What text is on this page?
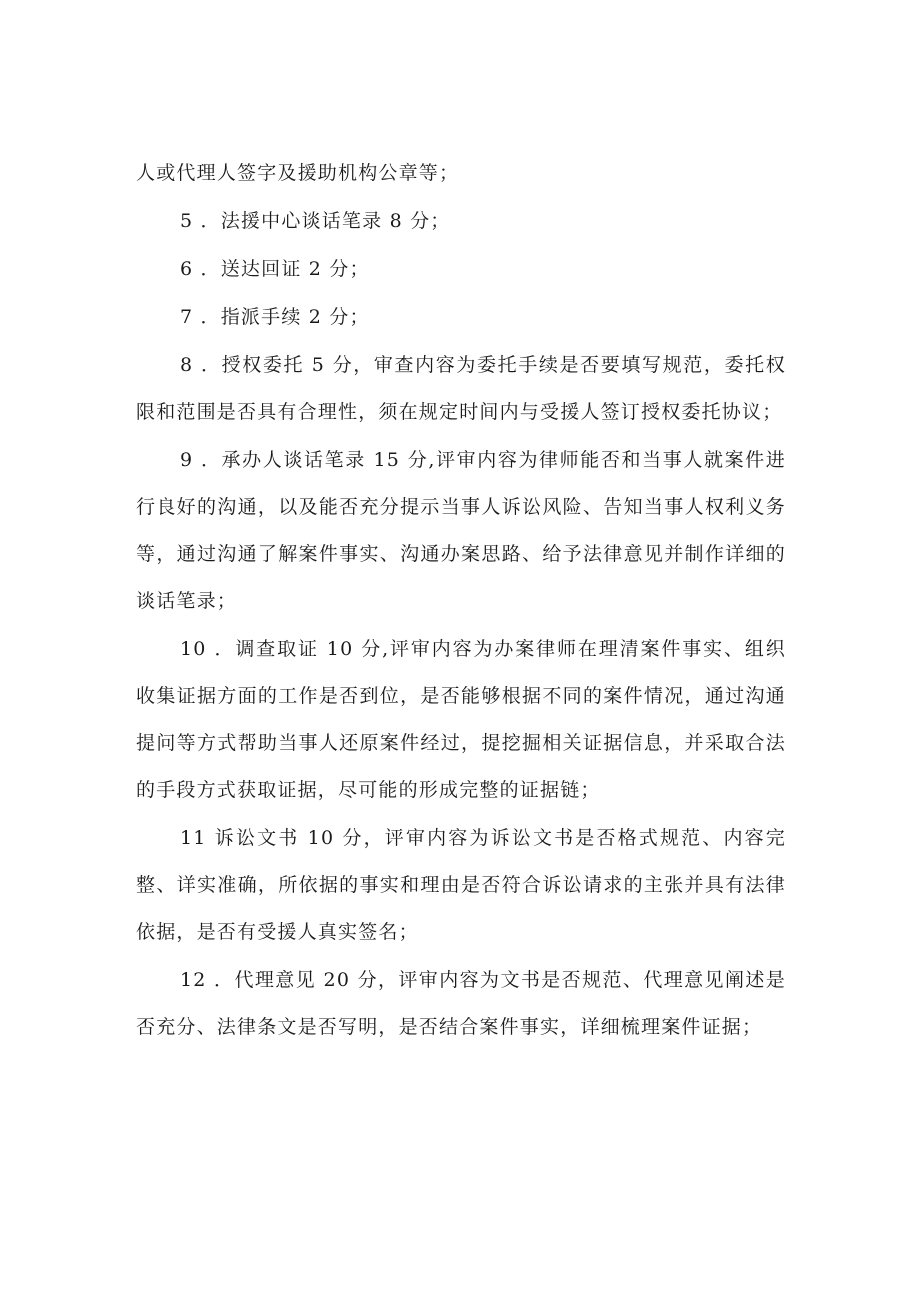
人或代理人签字及援助机构公章等；

5 ．法援中心谈话笔录 8 分；

6 ．送达回证 2 分；

7 ．指派手续 2 分；

8 ．授权委托 5 分，审查内容为委托手续是否要填写规范，委托权限和范围是否具有合理性，须在规定时间内与受援人签订授权委托协议；

9 ．承办人谈话笔录 15 分,评审内容为律师能否和当事人就案件进行良好的沟通，以及能否充分提示当事人诉讼风险、告知当事人权利义务等，通过沟通了解案件事实、沟通办案思路、给予法律意见并制作详细的谈话笔录；

10 ．调查取证 10 分,评审内容为办案律师在理清案件事实、组织收集证据方面的工作是否到位，是否能够根据不同的案件情况，通过沟通提问等方式帮助当事人还原案件经过，提挖掘相关证据信息，并采取合法的手段方式获取证据，尽可能的形成完整的证据链；

11 诉讼文书 10 分，评审内容为诉讼文书是否格式规范、内容完整、详实准确，所依据的事实和理由是否符合诉讼请求的主张并具有法律依据，是否有受援人真实签名；

12 ．代理意见 20 分，评审内容为文书是否规范、代理意见阐述是否充分、法律条文是否写明，是否结合案件事实，详细梳理案件证据；
